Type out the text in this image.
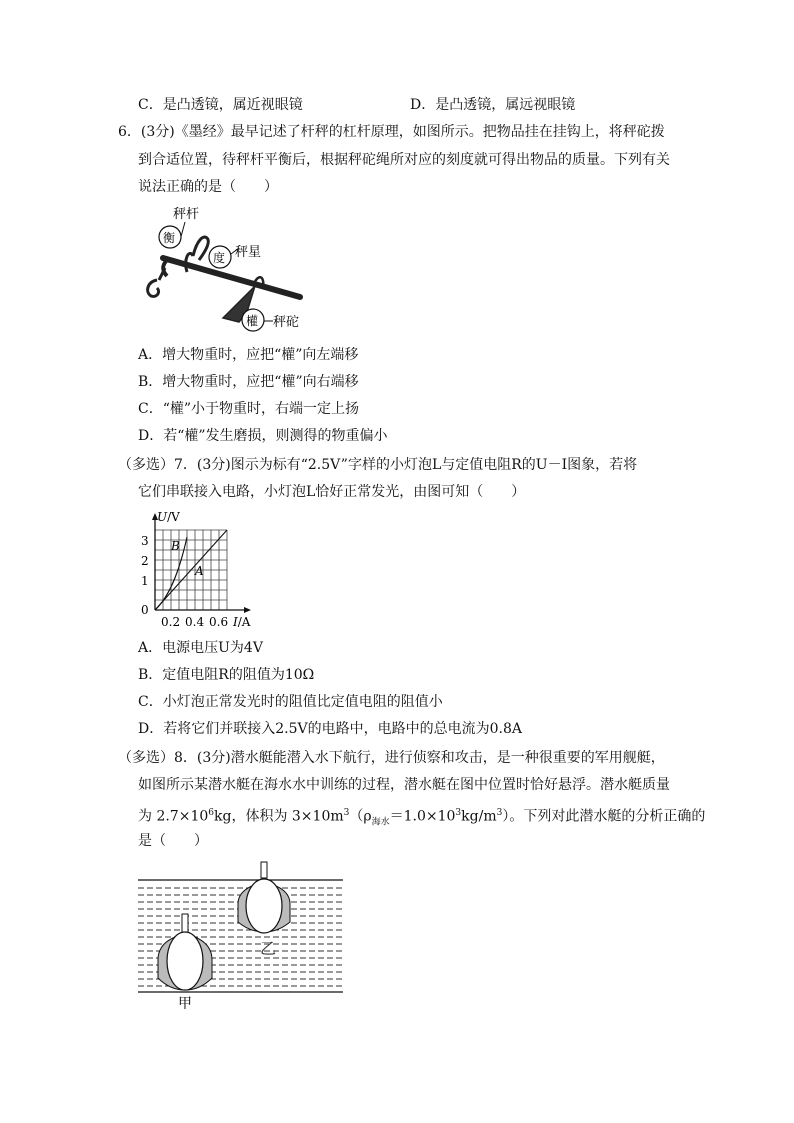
C．是凸透镜，属近视眼镜	D．是凸透镜，属远视眼镜
6．(3分)《墨经》最早记述了杆秤的杠杆原理，如图所示。把物品挂在挂钩上，将秤砣拨
到合适位置，待秤杆平衡后，根据秤砣绳所对应的刻度就可得出物品的质量。下列有关
说法正确的是（　　）
秤杆
衡
度 秤星
權 秤砣
A．增大物重时，应把“權”向左端移
B．增大物重时，应把“權”向右端移
C．“權”小于物重时，右端一定上扬
D．若“權”发生磨损，则测得的物重偏小
（多选）7．(3分)图示为标有“2.5V”字样的小灯泡L与定值电阻R的U－I图象，若将
它们串联接入电路，小灯泡L恰好正常发光，由图可知（　　）
U/V
I/A
3
2
1
0
0.2 0.4 0.6
B
A
A．电源电压U为4V
B．定值电阻R的阻值为10Ω
C．小灯泡正常发光时的阻值比定值电阻的阻值小
D．若将它们并联接入2.5V的电路中，电路中的总电流为0.8A
（多选）8．(3分)潜水艇能潜入水下航行，进行侦察和攻击，是一种很重要的军用舰艇，
如图所示某潜水艇在海水水中训练的过程，潜水艇在图中位置时恰好悬浮。潜水艇质量
为 $2.7\times 10^6kg$，体积为 $3\times 10m^3(\rho_{海水}=1.0\times 10^3kg/m^3)$。下列对此潜水艇的分析正确的
是（　　）
乙
甲
